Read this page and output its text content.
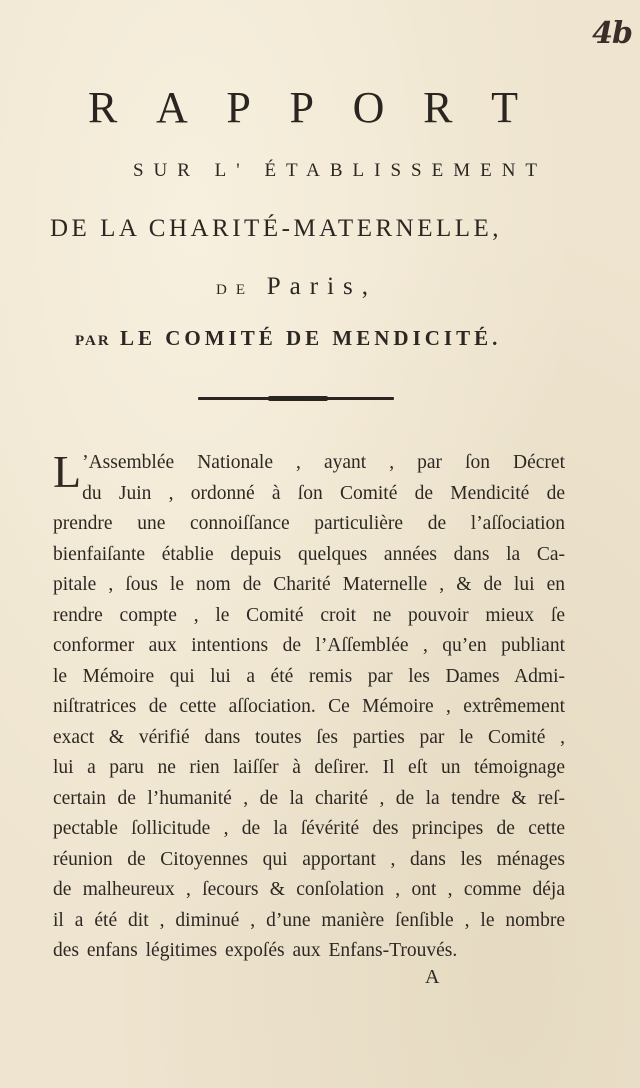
4b
R A P P O R T
SUR L' ÉTABLISSEMENT
DE LA CHARITÉ-MATERNELLE,
DE Paris,
PAR LE COMITÉ DE MENDICITÉ.
L ’Assemblée Nationale , ayant , par ſon Décret
du Juin , ordonné à ſon Comité de Mendicité de
prendre une connoiſſance particulière de l’aſſociation
bienfaiſante établie depuis quelques années dans la Ca-
pitale , ſous le nom de Charité Maternelle , & de lui en
rendre compte , le Comité croit ne pouvoir mieux ſe
conformer aux intentions de l’Aſſemblée , qu’en publiant
le Mémoire qui lui a été remis par les Dames Admi-
niſtratrices de cette aſſociation. Ce Mémoire , extrêmement
exact & vérifié dans toutes ſes parties par le Comité ,
lui a paru ne rien laiſſer à deſirer. Il eſt un témoignage
certain de l’humanité , de la charité , de la tendre & reſ-
pectable ſollicitude , de la ſévérité des principes de cette
réunion de Citoyennes qui apportant , dans les ménages
de malheureux , ſecours & conſolation , ont , comme déja
il a été dit , diminué , d’une manière ſenſible , le nombre
des enfans légitimes expoſés aux Enfans-Trouvés.
A
